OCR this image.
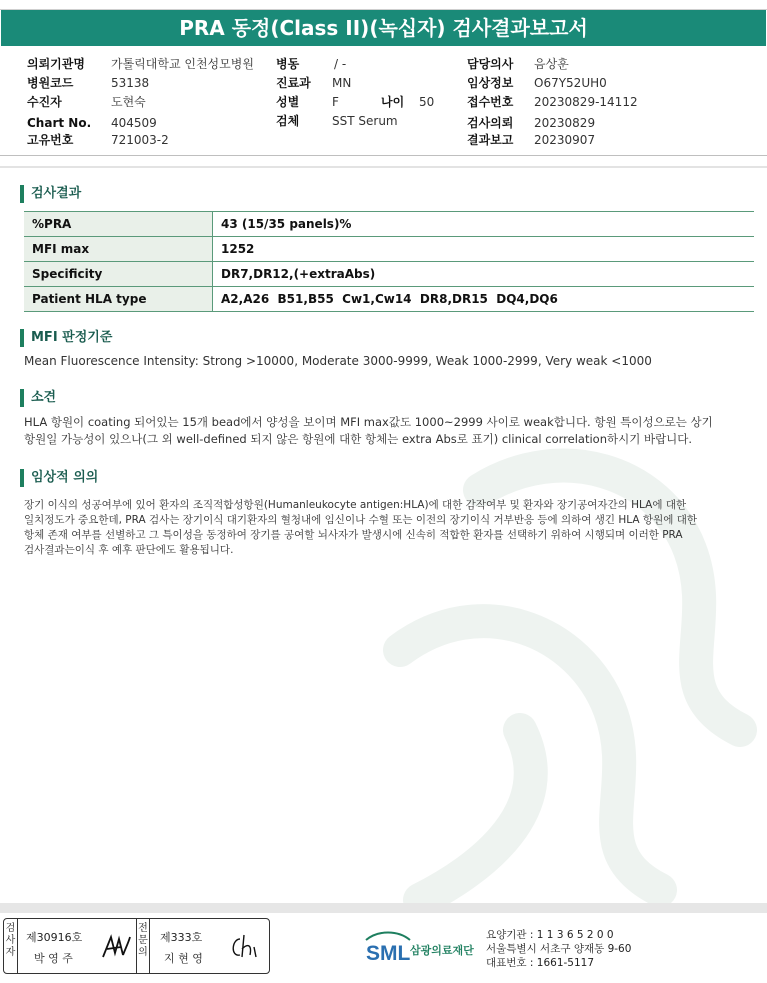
PRA 동정(Class II)(녹십자) 검사결과보고서
의뢰기관명 가톨릭대학교 인천성모병원
병원코드	53138
수진자	도현숙
Chart No. 404509
고유번호	721003-2
병동	/ -
진료과 MN
성별	F	나이 50
검체	SST Serum
담당의사 음상훈
임상정보 O67Y52UH0
접수번호 20230829-14112
검사의뢰 20230829
결과보고 20230907
검사결과
%PRA	43 (15/35 panels)%
MFI max	1252
Specificity	DR7,DR12,(+extraAbs)
Patient HLA type	A2,A26  B51,B55  Cw1,Cw14  DR8,DR15  DQ4,DQ6
MFI 판정기준
Mean Fluorescence Intensity: Strong >10000, Moderate 3000-9999, Weak 1000-2999, Very weak <1000
소견
HLA 항원이 coating 되어있는 15개 bead에서 양성을 보이며 MFI max값도 1000~2999 사이로 weak합니다. 항원 특이성으로는 상기
항원일 가능성이 있으나(그 외 well-defined 되지 않은 항원에 대한 항체는 extra Abs로 표기) clinical correlation하시기 바랍니다.
임상적 의의
장기 이식의 성공여부에 있어 환자의 조직적합성항원(Humanleukocyte antigen:HLA)에 대한 감작여부 및 환자와 장기공여자간의 HLA에 대한
일치정도가 중요한데, PRA 검사는 장기이식 대기환자의 혈청내에 임신이나 수혈 또는 이전의 장기이식 거부반응 등에 의하여 생긴 HLA 항원에 대한
항체 존재 여부를 선별하고 그 특이성을 동정하여 장기를 공여할 뇌사자가 발생시에 신속히 적합한 환자를 선택하기 위하여 시행되며 이러한 PRA
검사결과는이식 후 예후 판단에도 활용됩니다.
검
사
자
제30916호
박 영 주
전
문
의
제333호
지 현 영	SML 삼광의료재단
요양기관 : 1 1 3 6 5 2 0 0
서울특별시 서초구 양재동 9-60
대표번호 : 1661-5117
